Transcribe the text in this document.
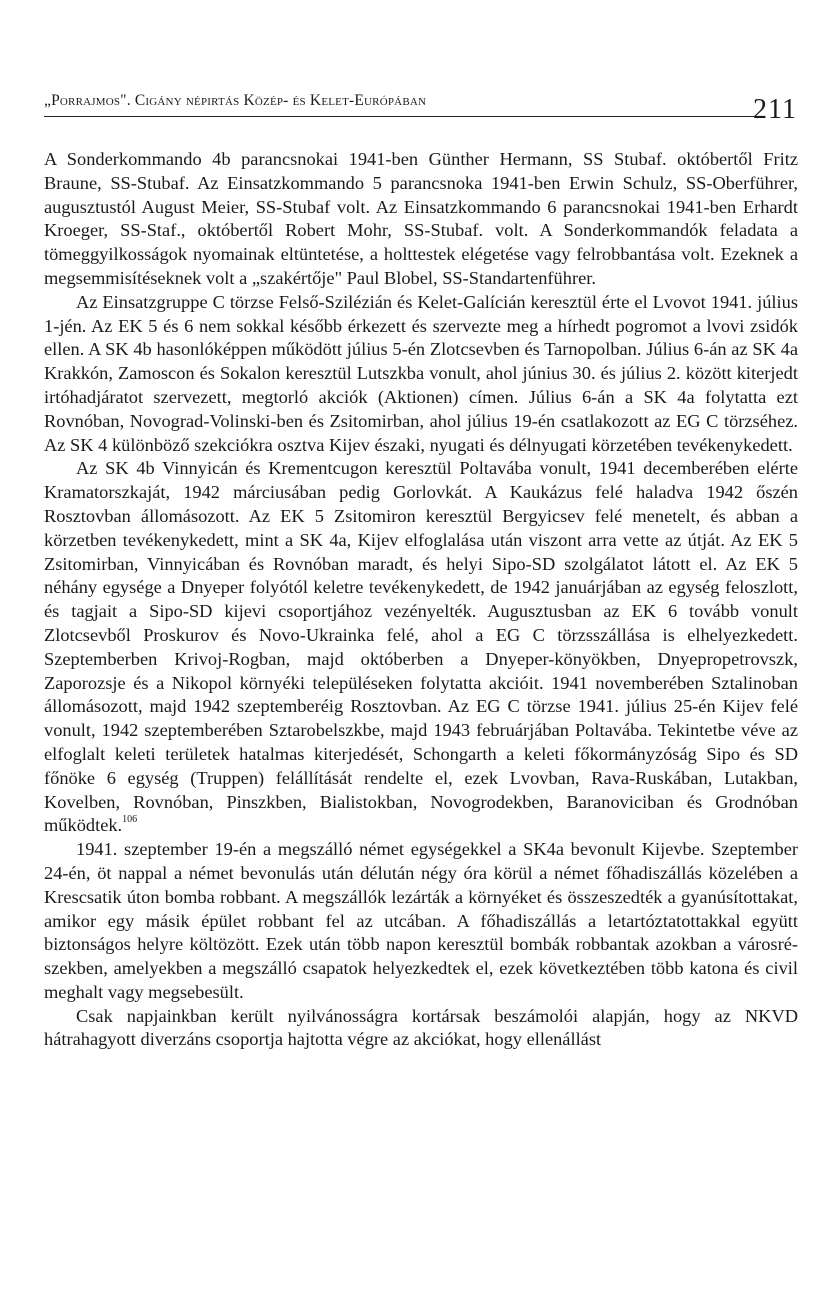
„Porrajmos". Cigány népirtás Közép- és Kelet-Európában	211

A Sonderkommando 4b parancsnokai 1941-ben Günther Hermann, SS Stubaf. októbertől Fritz Braune, SS-Stubaf. Az Einsatzkommando 5 parancsnoka 1941-ben Erwin Schulz, SS-Oberführer, augusztustól August Meier, SS-Stubaf volt. Az Einsatzkommando 6 parancsnokai 1941-ben Erhardt Kroeger, SS-Staf., októbertől Robert Mohr, SS-Stubaf. volt. A Sonderkommandók feladata a tömeggyilkosságok nyomainak eltüntetése, a holttestek elégetése vagy felrobbantása volt. Ezeknek a megsemmisítéseknek volt a „szakértője" Paul Blobel, SS-Standartenführer.

Az Einsatzgruppe C törzse Felső-Szilézián és Kelet-Galícián keresztül érte el Lvovot 1941. július 1-jén. Az EK 5 és 6 nem sokkal később érkezett és szervezte meg a hírhedt pogromot a lvovi zsidók ellen. A SK 4b hasonlóképpen működött július 5-én Zlotcsevben és Tarnopolban. Július 6-án az SK 4a Krakkón, Zamoscon és Sokalon keresztül Lutszkba vonult, ahol június 30. és július 2. között kiterjedt irtóhadjáratot szervezett, megtorló akciók (Aktionen) címen. Július 6-án a SK 4a folytatta ezt Rovnóban, Novograd-Volinski-ben és Zsitomirban, ahol július 19-én csatlakozott az EG C törzséhez. Az SK 4 különböző szekciókra osztva Kijev északi, nyugati és délnyugati körzetében tevékenykedett.

Az SK 4b Vinnyicán és Krementcugon keresztül Poltavába vonult, 1941 decemberében elérte Kramatorszkaját, 1942 márciusában pedig Gorlovkát. A Kaukázus felé haladva 1942 őszén Rosztovban állomásozott. Az EK 5 Zsitomiron keresztül Bergyicsev felé menetelt, és abban a körzetben tevékenykedett, mint a SK 4a, Kijev elfoglalása után viszont arra vette az útját. Az EK 5 Zsitomirban, Vinnyicában és Rovnóban maradt, és helyi Sipo-SD szolgálatot látott el. Az EK 5 néhány egysége a Dnyeper folyótól keletre tevékenykedett, de 1942 januárjában az egység feloszlott, és tagjait a Sipo-SD kijevi csoportjához vezényelték. Augusztusban az EK 6 tovább vonult Zlotcsevből Proskurov és Novo-Ukrainka felé, ahol a EG C törzsszállása is elhelyezkedett. Szeptemberben Krivoj-Rogban, majd októberben a Dnyeper-könyökben, Dnyepropetrovszk, Zaporozsje és a Nikopol környéki településeken folytatta akcióit. 1941 novemberében Sztalinoban állomásozott, majd 1942 szeptemberéig Rosztovban. Az EG C törzse 1941. július 25-én Kijev felé vonult, 1942 szeptemberében Sztarobelszkbe, majd 1943 februárjában Poltavába. Tekintetbe véve az elfoglalt keleti területek hatalmas kiterjedését, Schongarth a keleti főkormányzóság Sipo és SD főnöke 6 egység (Truppen) felállítását rendelte el, ezek Lvovban, Rava-Ruskában, Lutakban, Kovelben, Rovnóban, Pinszkben, Bialistokban, Novogrodekben, Baranoviciban és Grodnóban működtek.$^{106}$

1941. szeptember 19-én a megszálló német egységekkel a SK4a bevonult Kijevbe. Szeptember 24-én, öt nappal a német bevonulás után délután négy óra körül a német főhadiszállás közelében a Krescsatik úton bomba robbant. A megszállók lezárták a környéket és összeszedték a gyanúsítottakat, amikor egy másik épület robbant fel az utcában. A főhadiszállás a letartóztatottakkal együtt biztonságos helyre költözött. Ezek után több napon keresztül bombák robbantak azokban a városrészekben, amelyekben a megszálló csapatok helyezkedtek el, ezek következtében több katona és civil meghalt vagy megsebesült.

Csak napjainkban került nyilvánosságra kortársak beszámolói alapján, hogy az NKVD hátrahagyott diverzáns csoportja hajtotta végre az akciókat, hogy ellenállást
